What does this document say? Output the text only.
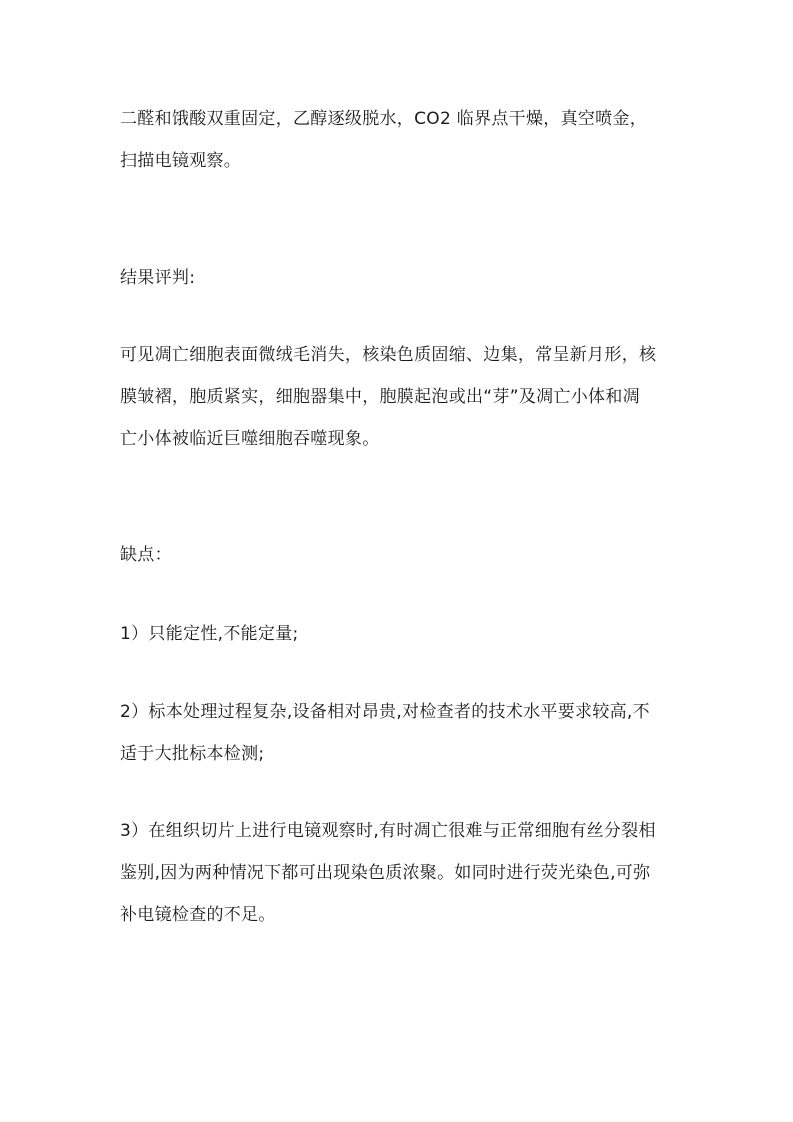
二醛和饿酸双重固定，乙醇逐级脱水，CO2 临界点干燥，真空喷金，
扫描电镜观察。
结果评判:
可见凋亡细胞表面微绒毛消失，核染色质固缩、边集，常呈新月形，核
膜皱褶，胞质紧实，细胞器集中，胞膜起泡或出“芽”及凋亡小体和凋
亡小体被临近巨噬细胞吞噬现象。
缺点：
1）只能定性,不能定量;
2）标本处理过程复杂,设备相对昂贵,对检查者的技术水平要求较高,不
适于大批标本检测;
3）在组织切片上进行电镜观察时,有时凋亡很难与正常细胞有丝分裂相
鉴别,因为两种情况下都可出现染色质浓聚。如同时进行荧光染色,可弥
补电镜检查的不足。
